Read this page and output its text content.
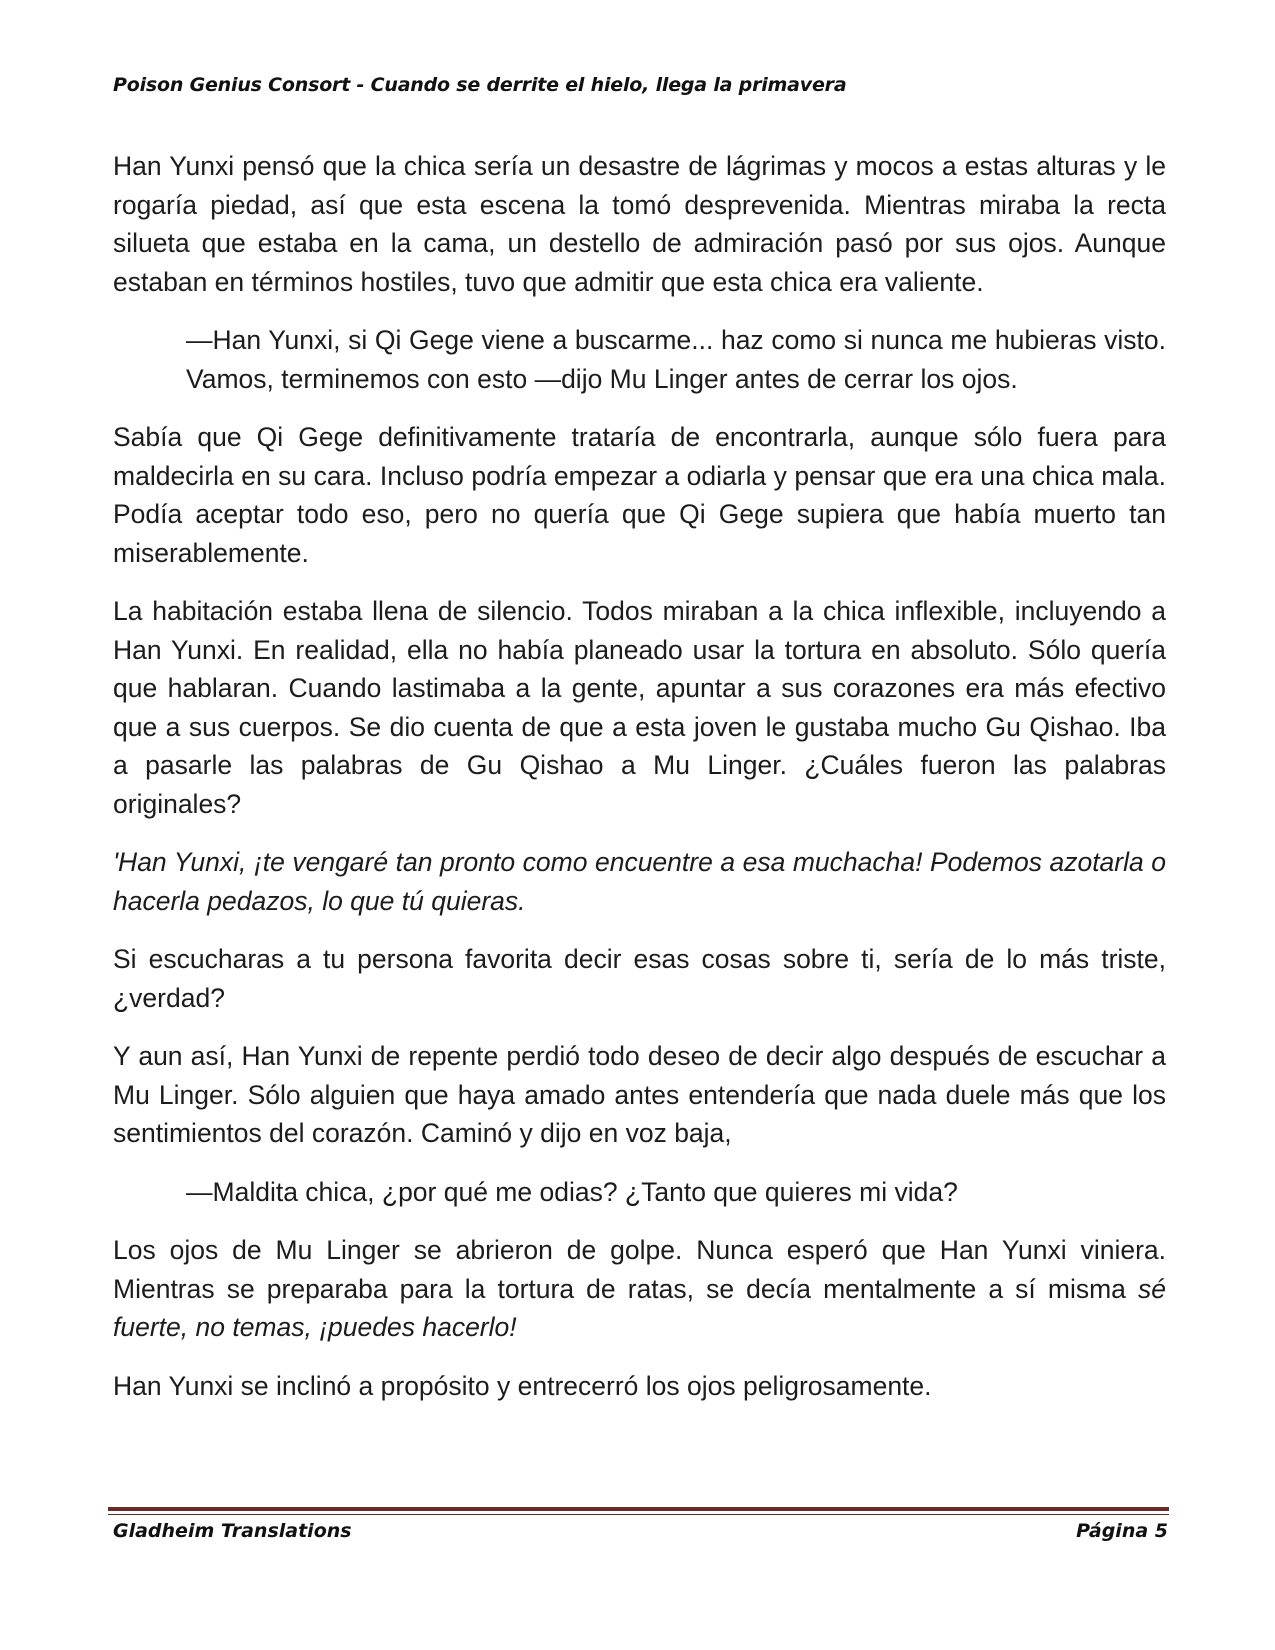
Poison Genius Consort - Cuando se derrite el hielo, llega la primavera

Han Yunxi pensó que la chica sería un desastre de lágrimas y mocos a estas alturas y le rogaría piedad, así que esta escena la tomó desprevenida. Mientras miraba la recta silueta que estaba en la cama, un destello de admiración pasó por sus ojos. Aunque estaban en términos hostiles, tuvo que admitir que esta chica era valiente.

—Han Yunxi, si Qi Gege viene a buscarme... haz como si nunca me hubieras visto. Vamos, terminemos con esto —dijo Mu Linger antes de cerrar los ojos.

Sabía que Qi Gege definitivamente trataría de encontrarla, aunque sólo fuera para maldecirla en su cara. Incluso podría empezar a odiarla y pensar que era una chica mala. Podía aceptar todo eso, pero no quería que Qi Gege supiera que había muerto tan miserablemente.

La habitación estaba llena de silencio. Todos miraban a la chica inflexible, incluyendo a Han Yunxi. En realidad, ella no había planeado usar la tortura en absoluto. Sólo quería que hablaran. Cuando lastimaba a la gente, apuntar a sus corazones era más efectivo que a sus cuerpos. Se dio cuenta de que a esta joven le gustaba mucho Gu Qishao. Iba a pasarle las palabras de Gu Qishao a Mu Linger. ¿Cuáles fueron las palabras originales?

'Han Yunxi, ¡te vengaré tan pronto como encuentre a esa muchacha! Podemos azotarla o hacerla pedazos, lo que tú quieras.

Si escucharas a tu persona favorita decir esas cosas sobre ti, sería de lo más triste, ¿verdad?

Y aun así, Han Yunxi de repente perdió todo deseo de decir algo después de escuchar a Mu Linger. Sólo alguien que haya amado antes entendería que nada duele más que los sentimientos del corazón. Caminó y dijo en voz baja,

—Maldita chica, ¿por qué me odias? ¿Tanto que quieres mi vida?

Los ojos de Mu Linger se abrieron de golpe. Nunca esperó que Han Yunxi viniera. Mientras se preparaba para la tortura de ratas, se decía mentalmente a sí misma sé fuerte, no temas, ¡puedes hacerlo!

Han Yunxi se inclinó a propósito y entrecerró los ojos peligrosamente.

Gladheim Translations	Página 5
